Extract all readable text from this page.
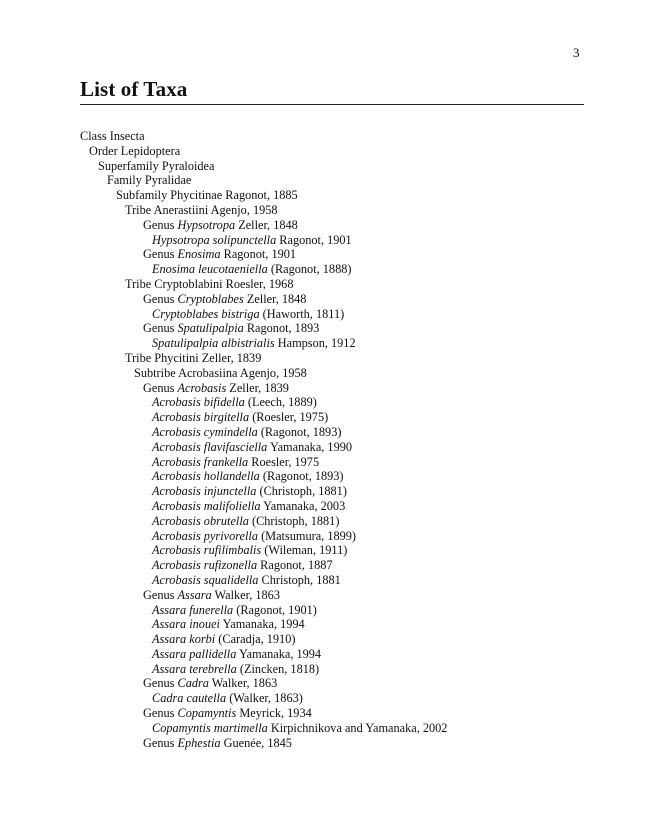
3
List of Taxa
Class Insecta
Order Lepidoptera
Superfamily Pyraloidea
Family Pyralidae
Subfamily Phycitinae Ragonot, 1885
Tribe Anerastiini Agenjo, 1958
Genus Hypsotropa Zeller, 1848
Hypsotropa solipunctella Ragonot, 1901
Genus Enosima Ragonot, 1901
Enosima leucotaeniella (Ragonot, 1888)
Tribe Cryptoblabini Roesler, 1968
Genus Cryptoblabes Zeller, 1848
Cryptoblabes bistriga (Haworth, 1811)
Genus Spatulipalpia Ragonot, 1893
Spatulipalpia albistrialis Hampson, 1912
Tribe Phycitini Zeller, 1839
Subtribe Acrobasiina Agenjo, 1958
Genus Acrobasis Zeller, 1839
Acrobasis bifidella (Leech, 1889)
Acrobasis birgitella (Roesler, 1975)
Acrobasis cymindella (Ragonot, 1893)
Acrobasis flavifasciella Yamanaka, 1990
Acrobasis frankella Roesler, 1975
Acrobasis hollandella (Ragonot, 1893)
Acrobasis injunctella (Christoph, 1881)
Acrobasis malifoliella Yamanaka, 2003
Acrobasis obrutella (Christoph, 1881)
Acrobasis pyrivorella (Matsumura, 1899)
Acrobasis rufilimbalis (Wileman, 1911)
Acrobasis rufizonella Ragonot, 1887
Acrobasis squalidella Christoph, 1881
Genus Assara Walker, 1863
Assara funerella (Ragonot, 1901)
Assara inouei Yamanaka, 1994
Assara korbi (Caradja, 1910)
Assara pallidella Yamanaka, 1994
Assara terebrella (Zincken, 1818)
Genus Cadra Walker, 1863
Cadra cautella (Walker, 1863)
Genus Copamyntis Meyrick, 1934
Copamyntis martimella Kirpichnikova and Yamanaka, 2002
Genus Ephestia Guenée, 1845
